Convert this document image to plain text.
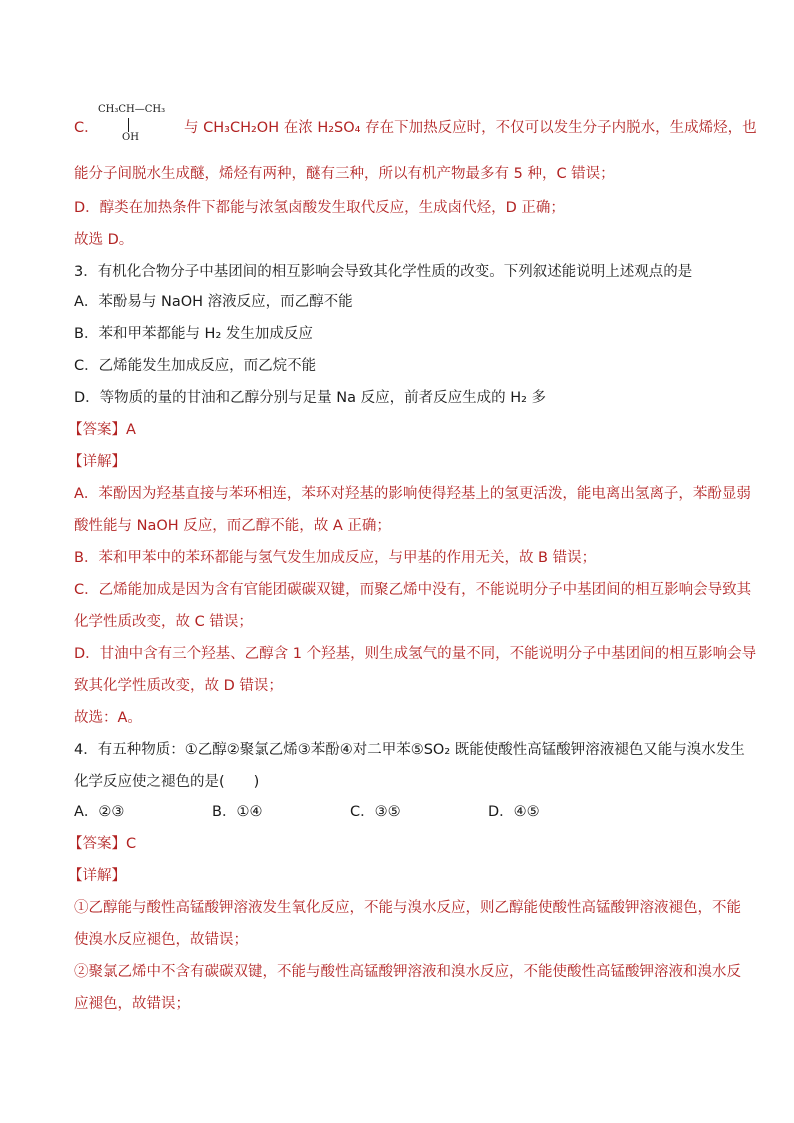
C．
CH₃CH—CH₃
OH
与 CH₃CH₂OH 在浓 H₂SO₄ 存在下加热反应时，不仅可以发生分子内脱水，生成烯烃，也
能分子间脱水生成醚，烯烃有两种，醚有三种，所以有机产物最多有 5 种，C 错误；
D．醇类在加热条件下都能与浓氢卤酸发生取代反应，生成卤代烃，D 正确；
故选 D。
3．有机化合物分子中基团间的相互影响会导致其化学性质的改变。下列叙述能说明上述观点的是
A．苯酚易与 NaOH 溶液反应，而乙醇不能
B．苯和甲苯都能与 H₂ 发生加成反应
C．乙烯能发生加成反应，而乙烷不能
D．等物质的量的甘油和乙醇分别与足量 Na 反应，前者反应生成的 H₂ 多
【答案】A
【详解】
A．苯酚因为羟基直接与苯环相连，苯环对羟基的影响使得羟基上的氢更活泼，能电离出氢离子，苯酚显弱
酸性能与 NaOH 反应，而乙醇不能，故 A 正确；
B．苯和甲苯中的苯环都能与氢气发生加成反应，与甲基的作用无关，故 B 错误；
C．乙烯能加成是因为含有官能团碳碳双键，而聚乙烯中没有，不能说明分子中基团间的相互影响会导致其
化学性质改变，故 C 错误；
D．甘油中含有三个羟基、乙醇含 1 个羟基，则生成氢气的量不同，不能说明分子中基团间的相互影响会导
致其化学性质改变，故 D 错误；
故选：A。
4．有五种物质：①乙醇②聚氯乙烯③苯酚④对二甲苯⑤SO₂ 既能使酸性高锰酸钾溶液褪色又能与溴水发生
化学反应使之褪色的是(　　)
A．②③	B．①④	C．③⑤	D．④⑤
【答案】C
【详解】
①乙醇能与酸性高锰酸钾溶液发生氧化反应，不能与溴水反应，则乙醇能使酸性高锰酸钾溶液褪色，不能
使溴水反应褪色，故错误；
②聚氯乙烯中不含有碳碳双键，不能与酸性高锰酸钾溶液和溴水反应，不能使酸性高锰酸钾溶液和溴水反
应褪色，故错误；
